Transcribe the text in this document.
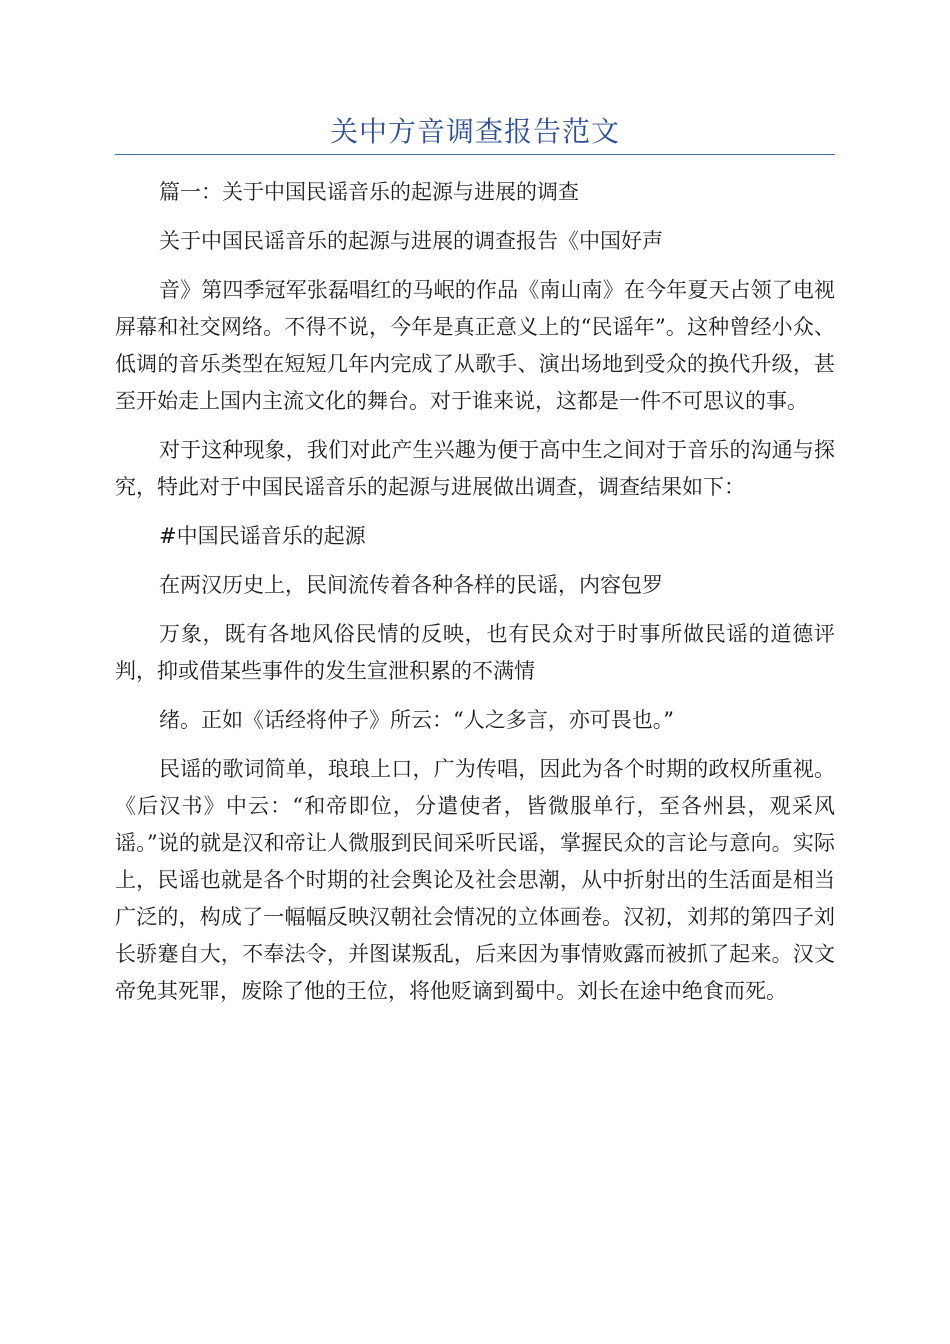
关中方音调查报告范文

篇一：关于中国民谣音乐的起源与进展的调查

关于中国民谣音乐的起源与进展的调查报告《中国好声

音》第四季冠军张磊唱红的马岷的作品《南山南》在今年夏天占领了电视屏幕和社交网络。不得不说，今年是真正意义上的“民谣年”。这种曾经小众、低调的音乐类型在短短几年内完成了从歌手、演出场地到受众的换代升级，甚至开始走上国内主流文化的舞台。对于谁来说，这都是一件不可思议的事。

对于这种现象，我们对此产生兴趣为便于高中生之间对于音乐的沟通与探究，特此对于中国民谣音乐的起源与进展做出调查，调查结果如下：

#中国民谣音乐的起源

在两汉历史上，民间流传着各种各样的民谣，内容包罗

万象，既有各地风俗民情的反映，也有民众对于时事所做民谣的道德评判，抑或借某些事件的发生宣泄积累的不满情

绪。正如《话经将仲子》所云：“人之多言，亦可畏也。”

民谣的歌词简单，琅琅上口，广为传唱，因此为各个时期的政权所重视。《后汉书》中云：“和帝即位，分遣使者，皆微服单行，至各州县，观采风谣。”说的就是汉和帝让人微服到民间采听民谣，掌握民众的言论与意向。实际上，民谣也就是各个时期的社会舆论及社会思潮，从中折射出的生活面是相当广泛的，构成了一幅幅反映汉朝社会情况的立体画卷。汉初，刘邦的第四子刘长骄蹇自大，不奉法令，并图谋叛乱，后来因为事情败露而被抓了起来。汉文帝免其死罪，废除了他的王位，将他贬谪到蜀中。刘长在途中绝食而死。
